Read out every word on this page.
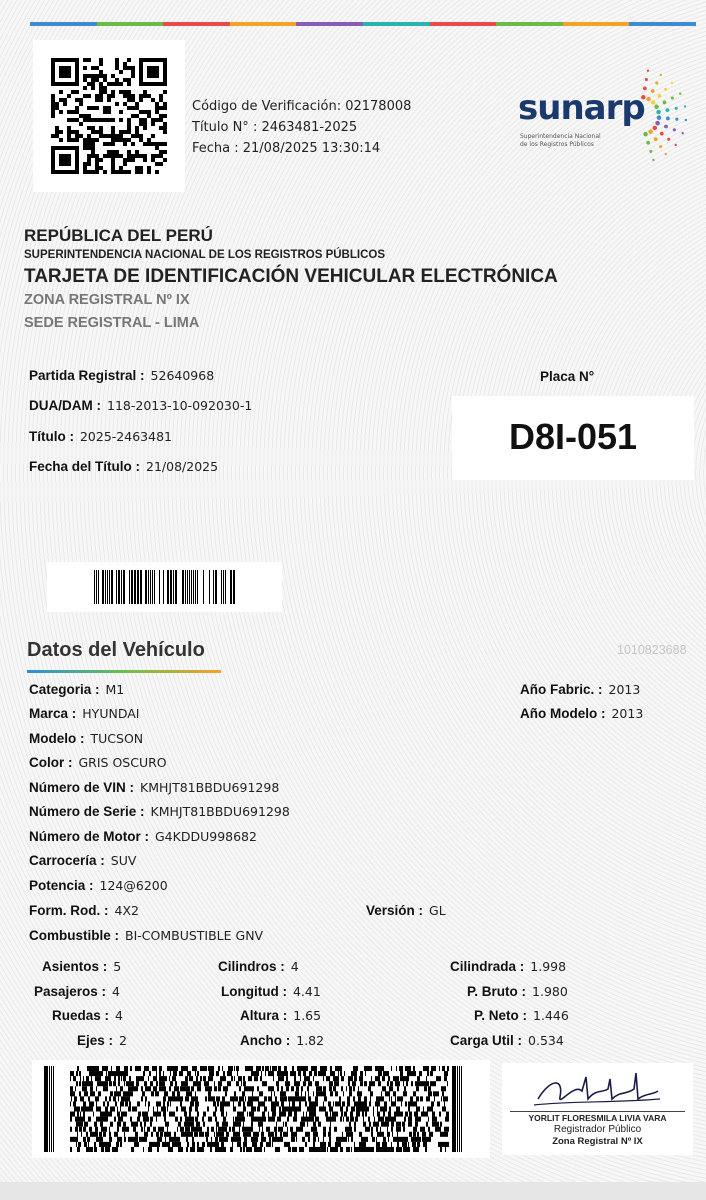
Código de Verificación: 02178008
Título N° : 2463481-2025
Fecha : 21/08/2025 13:30:14
sunarp
Superintendencia Nacional
de los Registros Públicos
REPÚBLICA DEL PERÚ
SUPERINTENDENCIA NACIONAL DE LOS REGISTROS PÚBLICOS
TARJETA DE IDENTIFICACIÓN VEHICULAR ELECTRÓNICA
ZONA REGISTRAL Nº IX
SEDE REGISTRAL - LIMA
Partida Registral : 52640968
DUA/DAM : 118-2013-10-092030-1
Título : 2025-2463481
Fecha del Título : 21/08/2025
Placa N°
D8I-051
Datos del Vehículo	1010823688
Categoria : M1
Marca : HYUNDAI
Modelo : TUCSON
Color : GRIS OSCURO
Número de VIN : KMHJT81BBDU691298
Número de Serie : KMHJT81BBDU691298
Número de Motor : G4KDDU998682
Carrocería : SUV
Potencia : 124@6200
Form. Rod. : 4X2	Versión : GL
Combustible : BI-COMBUSTIBLE GNV
Año Fabric. : 2013
Año Modelo : 2013
Asientos : 5
Pasajeros : 4
Ruedas : 4
Ejes : 2
Cilindros : 4
Longitud : 4.41
Altura : 1.65
Ancho : 1.82
Cilindrada : 1.998
P. Bruto : 1.980
P. Neto : 1.446
Carga Util : 0.534
YORLIT FLORESMILA LIVIA VARA
Registrador Público
Zona Registral Nº IX
